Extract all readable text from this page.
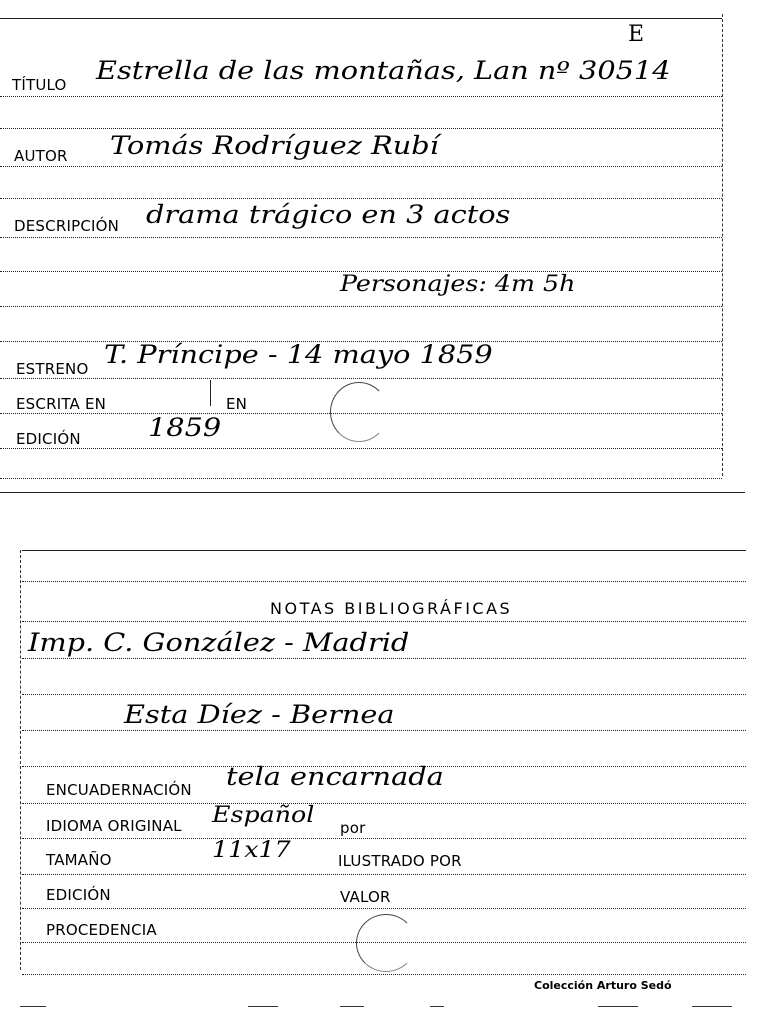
E
TÍTULO Estrella de las montañas, Lan nº 30514
AUTOR Tomás Rodríguez Rubí
DESCRIPCIÓN drama trágico en 3 actos
Personajes: 4m 5h
ESTRENO T. Príncipe - 14 mayo 1859
ESCRITA EN	EN
EDICIÓN	1859
NOTAS BIBLIOGRÁFICAS
Imp. C. González - Madrid
Esta Díez - Bernea
ENCUADERNACIÓN tela encarnada
IDIOMA ORIGINAL Español por
TAMAÑO	11x17	ILUSTRADO POR
EDICIÓN	VALOR
PROCEDENCIA
Colección Arturo Sedó
